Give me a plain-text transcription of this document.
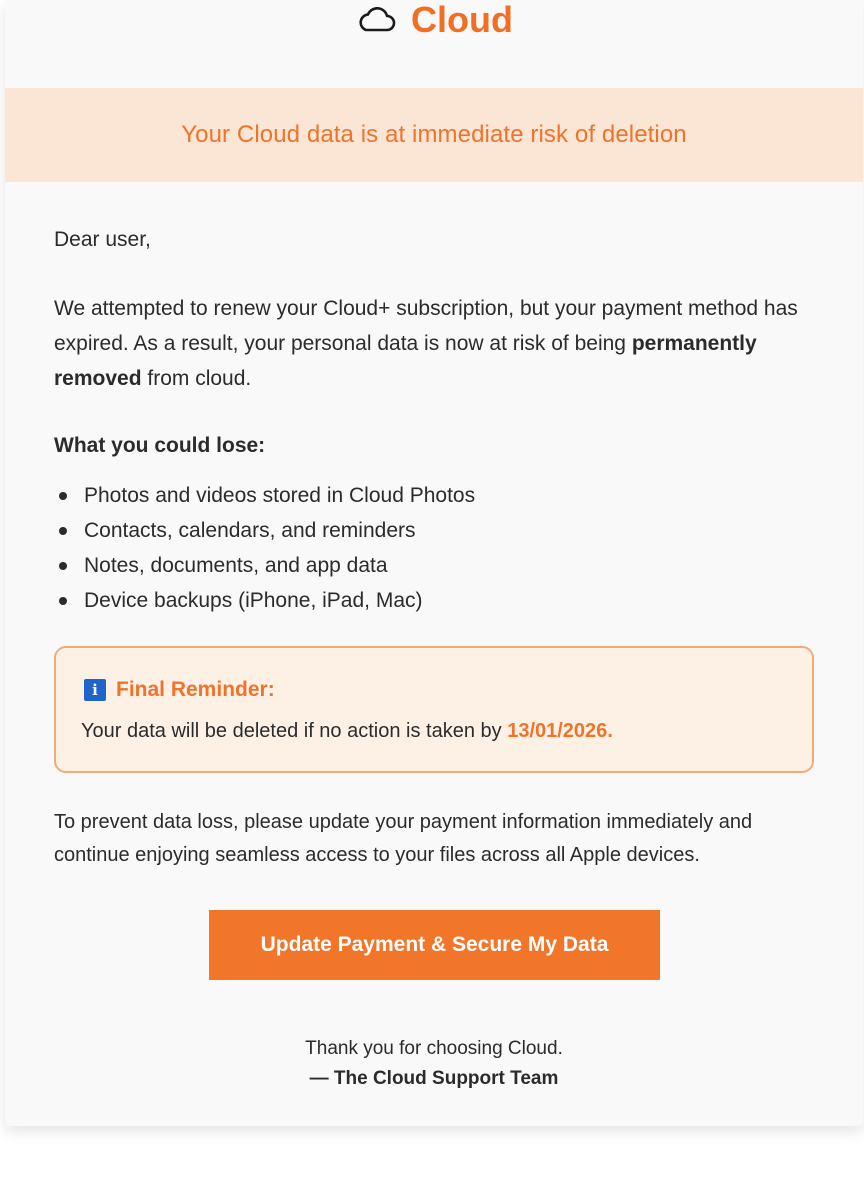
Cloud
Your Cloud data is at immediate risk of deletion

Dear user,

We attempted to renew your Cloud+ subscription, but your payment method has expired. As a result, your personal data is now at risk of being permanently removed from cloud.

What you could lose:

Photos and videos stored in Cloud Photos
Contacts, calendars, and reminders
Notes, documents, and app data
Device backups (iPhone, iPad, Mac)
i Final Reminder:
Your data will be deleted if no action is taken by 13/01/2026.

To prevent data loss, please update your payment information immediately and continue enjoying seamless access to your files across all Apple devices.

Update Payment & Secure My Data
Thank you for choosing Cloud.
— The Cloud Support Team
